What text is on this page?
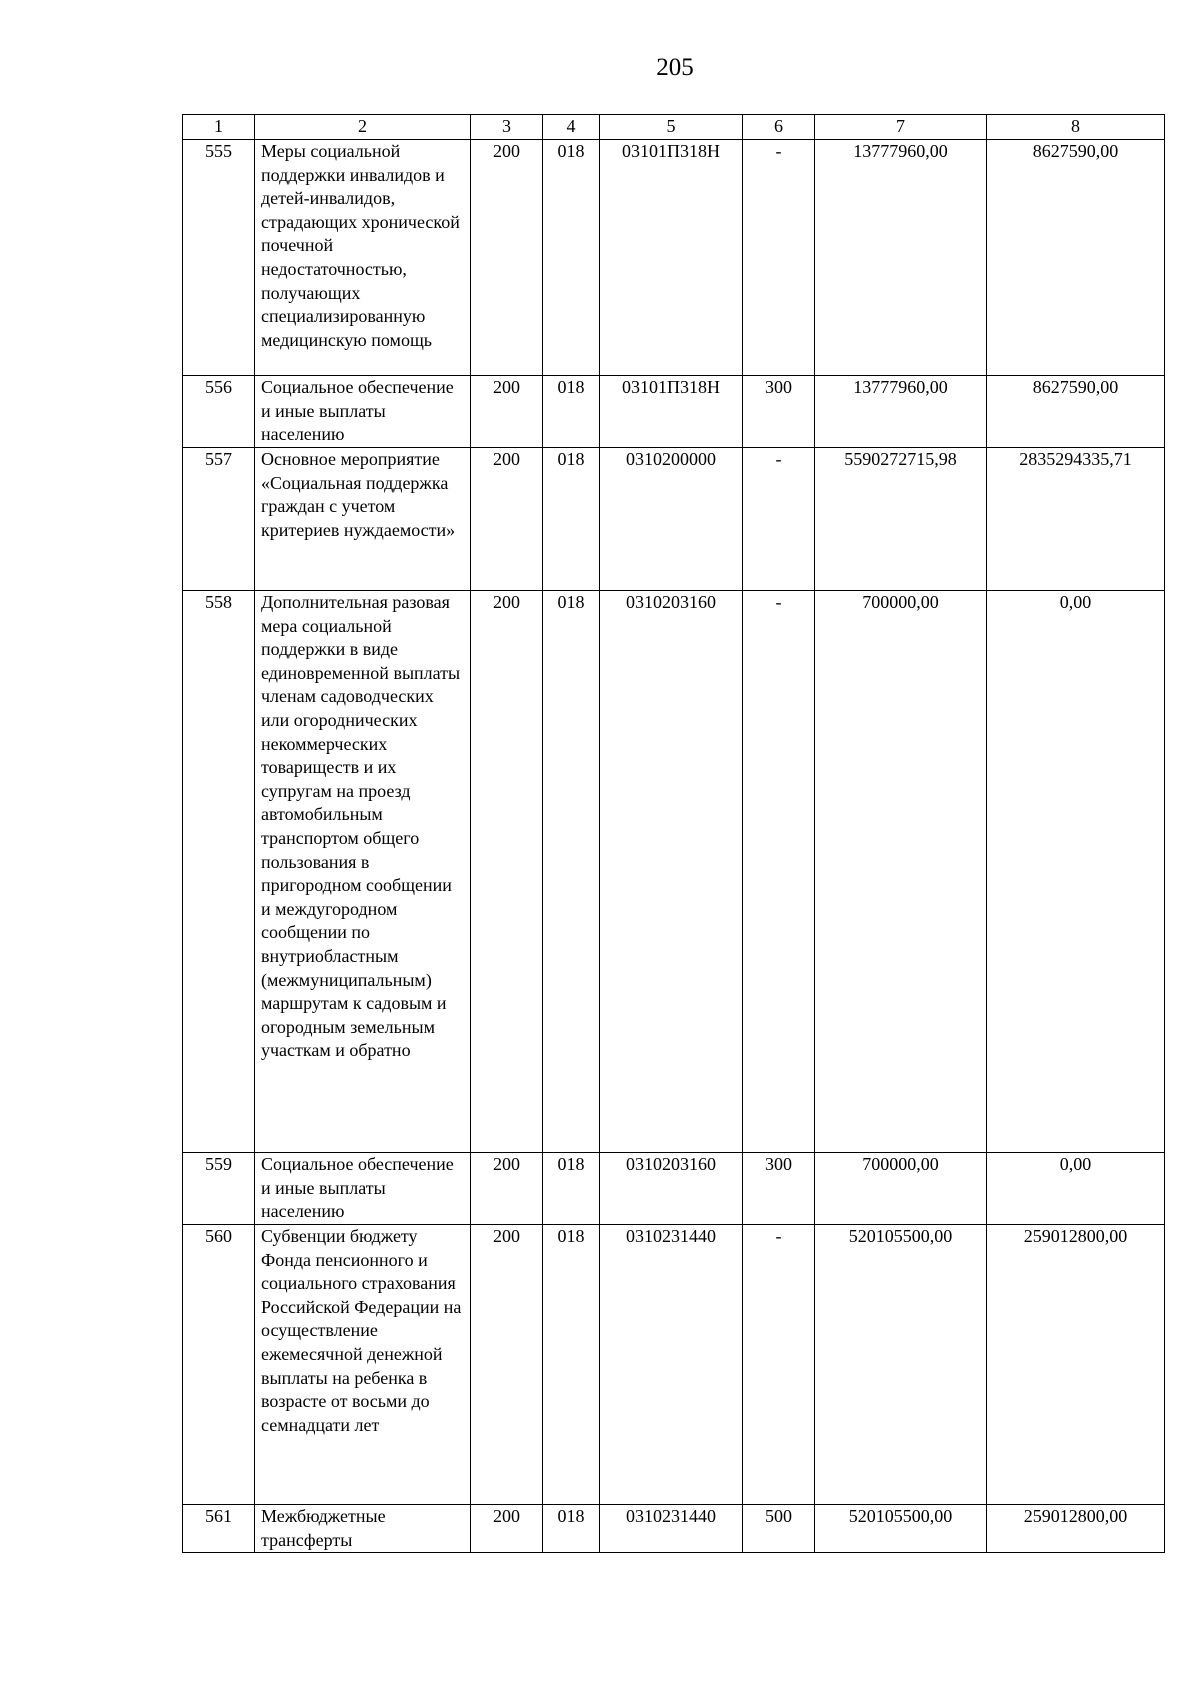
205
1	2	3	4	5	6	7	8
555	Меры социальной поддержки инвалидов и детей-инвалидов, страдающих хронической почечной недостаточностью, получающих специализированную медицинскую помощь	200	018	03101П318Н	-	13777960,00	8627590,00
556	Социальное обеспечение и иные выплаты населению	200	018	03101П318Н	300	13777960,00	8627590,00
557	Основное мероприятие «Социальная поддержка граждан с учетом критериев нуждаемости»	200	018	0310200000	-	5590272715,98	2835294335,71
558	Дополнительная разовая мера социальной поддержки в виде единовременной выплаты членам садоводческих или огороднических некоммерческих товариществ и их супругам на проезд автомобильным транспортом общего пользования в пригородном сообщении и междугородном сообщении по внутриобластным (межмуниципальным) маршрутам к садовым и огородным земельным участкам и обратно	200	018	0310203160	-	700000,00	0,00
559	Социальное обеспечение и иные выплаты населению	200	018	0310203160	300	700000,00	0,00
560	Субвенции бюджету Фонда пенсионного и социального страхования Российской Федерации на осуществление ежемесячной денежной выплаты на ребенка в возрасте от восьми до семнадцати лет	200	018	0310231440	-	520105500,00	259012800,00
561	Межбюджетные трансферты	200	018	0310231440	500	520105500,00	259012800,00
